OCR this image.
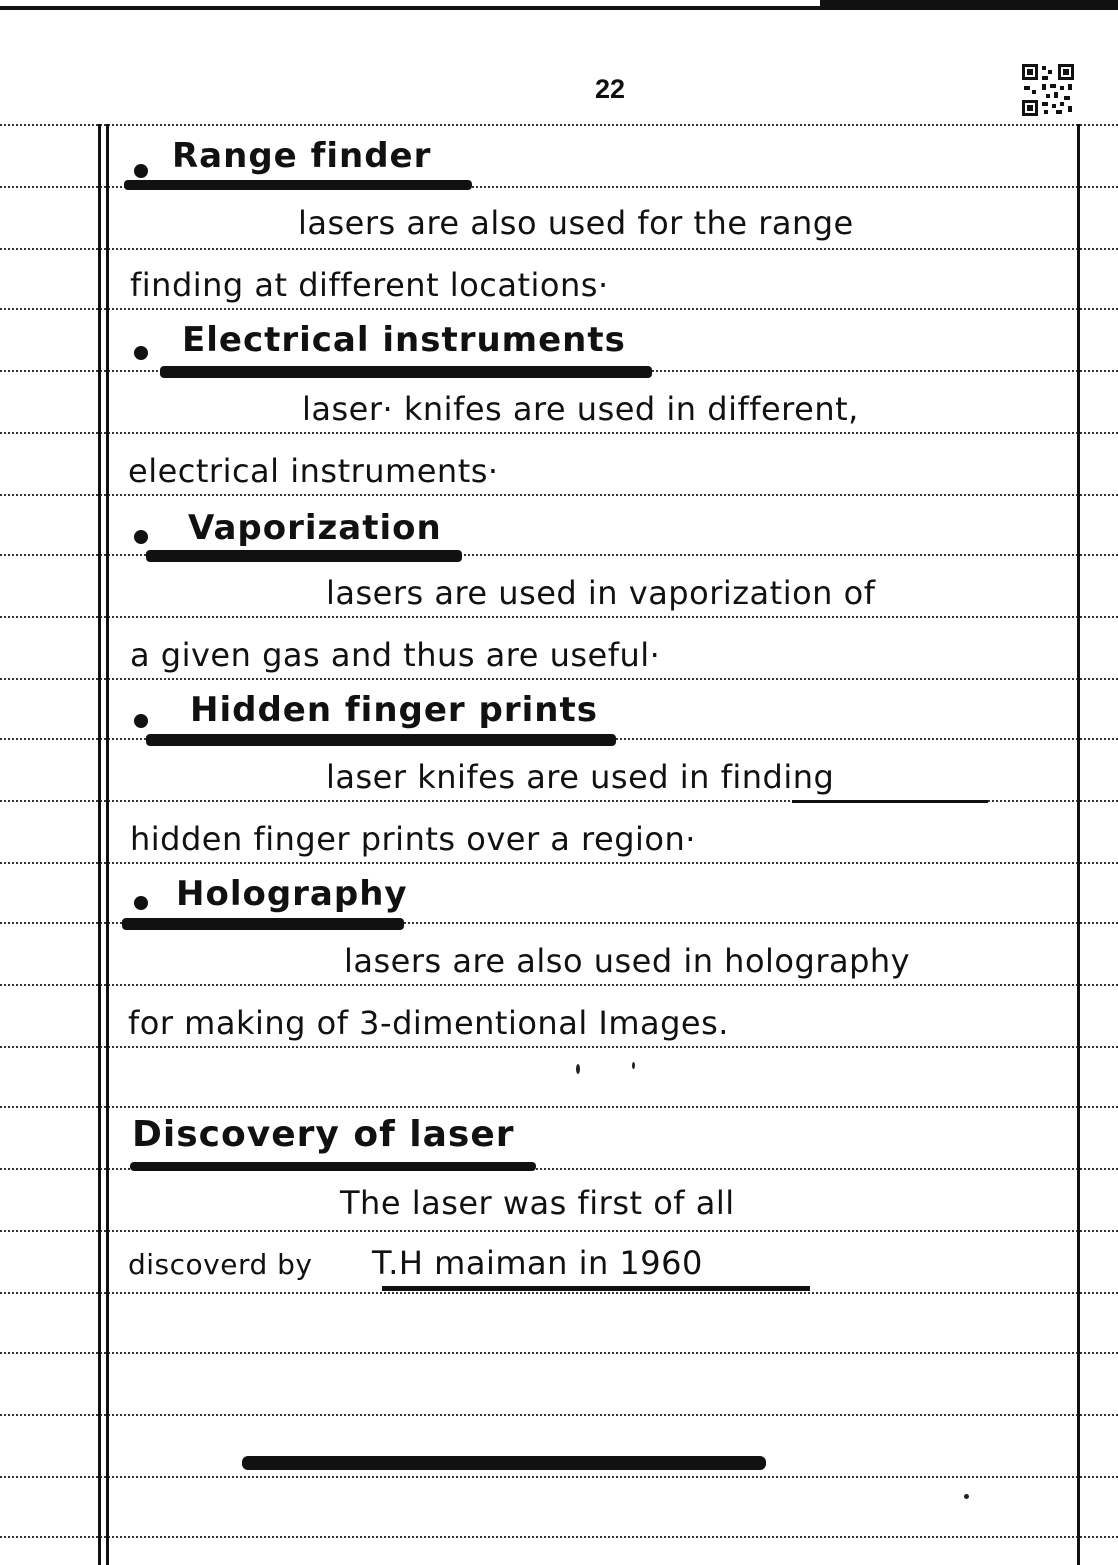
22
Range finder
lasers are also used for the range
finding at different locations·
Electrical instruments
laser· knifes are used in different,
electrical instruments·
Vaporization
lasers are used in vaporization of
a given gas and thus are useful·
Hidden finger prints
laser knifes are used in finding
hidden finger prints over a region·
Holography
lasers are also used in holography
for making of 3-dimentional Images.
Discovery of laser
The laser was first of all
discoverd by T.H maiman in 1960
